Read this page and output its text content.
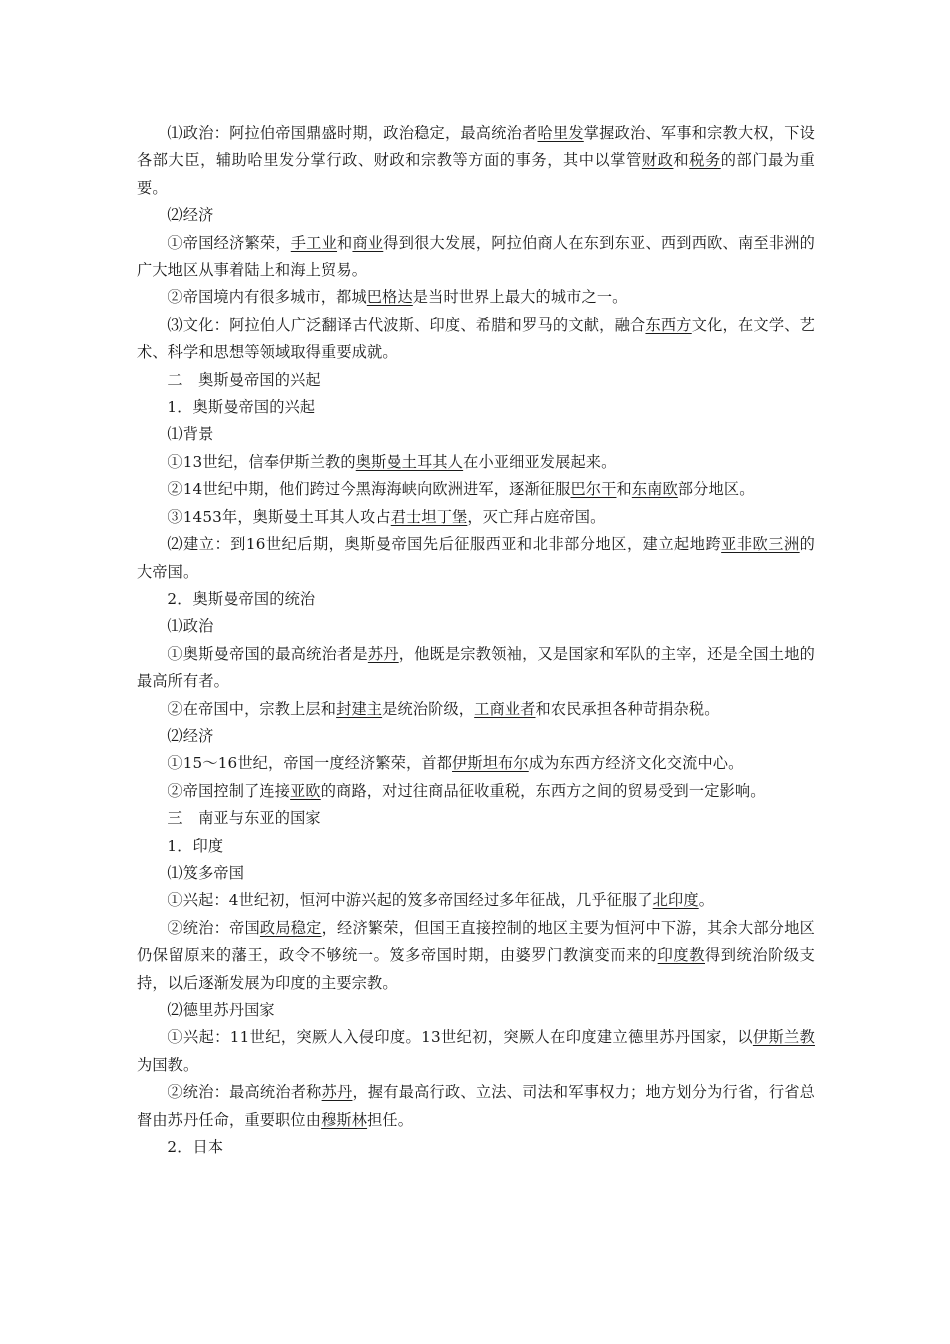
⑴政治：阿拉伯帝国鼎盛时期，政治稳定，最高统治者哈里发掌握政治、军事和宗教大权，下设各部大臣，辅助哈里发分掌行政、财政和宗教等方面的事务，其中以掌管财政和税务的部门最为重要。

⑵经济

①帝国经济繁荣，手工业和商业得到很大发展，阿拉伯商人在东到东亚、西到西欧、南至非洲的广大地区从事着陆上和海上贸易。

②帝国境内有很多城市，都城巴格达是当时世界上最大的城市之一。

⑶文化：阿拉伯人广泛翻译古代波斯、印度、希腊和罗马的文献，融合东西方文化，在文学、艺术、科学和思想等领域取得重要成就。

二　奥斯曼帝国的兴起

1．奥斯曼帝国的兴起

⑴背景

①13世纪，信奉伊斯兰教的奥斯曼土耳其人在小亚细亚发展起来。

②14世纪中期，他们跨过今黑海海峡向欧洲进军，逐渐征服巴尔干和东南欧部分地区。

③1453年，奥斯曼土耳其人攻占君士坦丁堡，灭亡拜占庭帝国。

⑵建立：到16世纪后期，奥斯曼帝国先后征服西亚和北非部分地区，建立起地跨亚非欧三洲的大帝国。

2．奥斯曼帝国的统治

⑴政治

①奥斯曼帝国的最高统治者是苏丹，他既是宗教领袖，又是国家和军队的主宰，还是全国土地的最高所有者。

②在帝国中，宗教上层和封建主是统治阶级，工商业者和农民承担各种苛捐杂税。

⑵经济

①15～16世纪，帝国一度经济繁荣，首都伊斯坦布尔成为东西方经济文化交流中心。

②帝国控制了连接亚欧的商路，对过往商品征收重税，东西方之间的贸易受到一定影响。

三　南亚与东亚的国家

1．印度

⑴笈多帝国

①兴起：4世纪初，恒河中游兴起的笈多帝国经过多年征战，几乎征服了北印度。

②统治：帝国政局稳定，经济繁荣，但国王直接控制的地区主要为恒河中下游，其余大部分地区仍保留原来的藩王，政令不够统一。笈多帝国时期，由婆罗门教演变而来的印度教得到统治阶级支持，以后逐渐发展为印度的主要宗教。

⑵德里苏丹国家

①兴起：11世纪，突厥人入侵印度。13世纪初，突厥人在印度建立德里苏丹国家，以伊斯兰教为国教。

②统治：最高统治者称苏丹，握有最高行政、立法、司法和军事权力；地方划分为行省，行省总督由苏丹任命，重要职位由穆斯林担任。

2．日本
